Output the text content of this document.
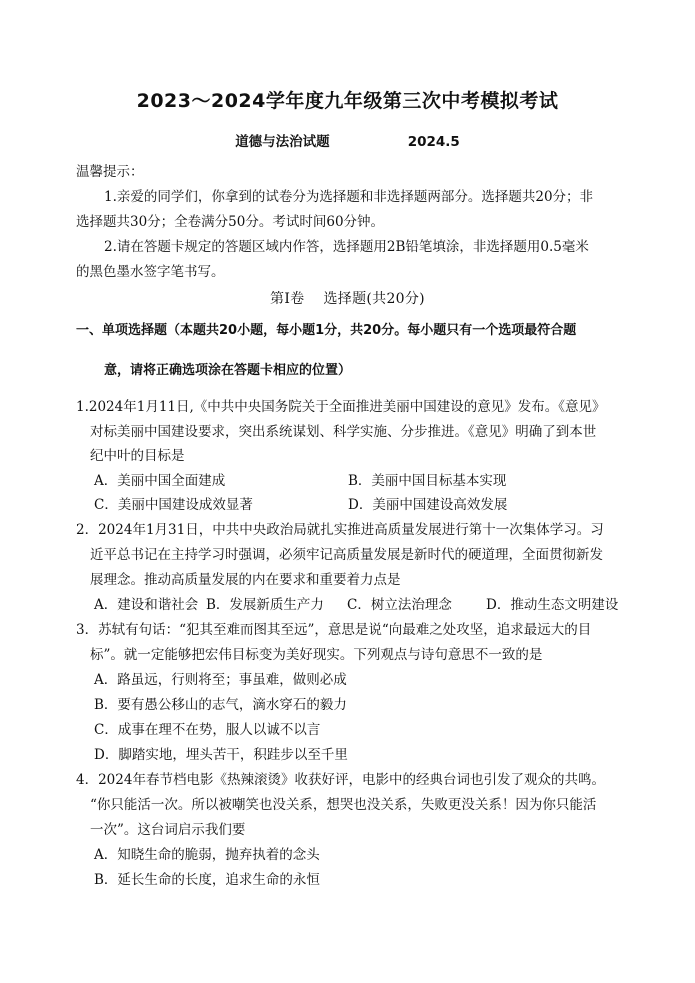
2023～2024学年度九年级第三次中考模拟考试
道德与法治试题	2024.5
温馨提示：
1.亲爱的同学们，你拿到的试卷分为选择题和非选择题两部分。选择题共20分；非
选择题共30分；全卷满分50分。考试时间60分钟。
2.请在答题卡规定的答题区域内作答，选择题用2B铅笔填涂，非选择题用0.5毫米
的黑色墨水签字笔书写。
第Ⅰ卷　 选择题(共20分)
一、单项选择题（本题共20小题，每小题1分，共20分。每小题只有一个选项最符合题
意，请将正确选项涂在答题卡相应的位置）
1.2024年1月11日,《中共中央国务院关于全面推进美丽中国建设的意见》发布。《意见》
对标美丽中国建设要求，突出系统谋划、科学实施、分步推进。《意见》明确了到本世
纪中叶的目标是
A．美丽中国全面建成	B．美丽中国目标基本实现
C．美丽中国建设成效显著	D．美丽中国建设高效发展
2．2024年1月31日，中共中央政治局就扎实推进高质量发展进行第十一次集体学习。习
近平总书记在主持学习时强调，必须牢记高质量发展是新时代的硬道理，全面贯彻新发
展理念。推动高质量发展的内在要求和重要着力点是
A．建设和谐社会 B．发展新质生产力 C．树立法治理念	D．推动生态文明建设
3．苏轼有句话：“犯其至难而图其至远”，意思是说“向最难之处攻坚，追求最远大的目
标”。就一定能够把宏伟目标变为美好现实。下列观点与诗句意思不一致的是
A．路虽远，行则将至；事虽难，做则必成
B．要有愚公移山的志气，滴水穿石的毅力
C．成事在理不在势，服人以诚不以言
D．脚踏实地，埋头苦干，积跬步以至千里
4．2024年春节档电影《热辣滚烫》收获好评，电影中的经典台词也引发了观众的共鸣。
“你只能活一次。所以被嘲笑也没关系，想哭也没关系，失败更没关系！因为你只能活
一次”。这台词启示我们要
A．知晓生命的脆弱，抛弃执着的念头
B．延长生命的长度，追求生命的永恒
